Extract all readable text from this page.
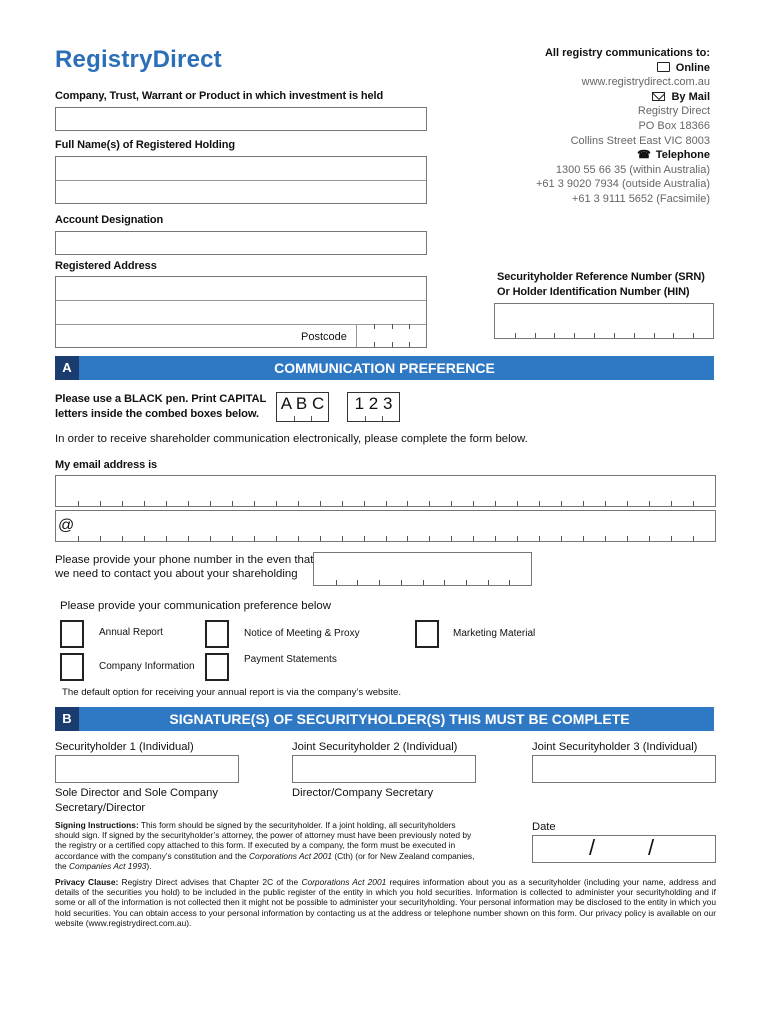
RegistryDirect	All registry communications to:
Online
www.registrydirect.com.au
By Mail
Registry Direct
PO Box 18366
Collins Street East VIC 8003
☎ Telephone
1300 55 66 35 (within Australia)
+61 3 9020 7934 (outside Australia)
+61 3 9111 5652 (Facsimile)
Company, Trust, Warrant or Product in which investment is held
Full Name(s) of Registered Holding
Account Designation
Registered Address
Postcode
Securityholder Reference Number (SRN)
Or Holder Identification Number (HIN)
A	COMMUNICATION PREFERENCE
Please use a BLACK pen. Print CAPITAL
letters inside the combed boxes below.
A B C	1 2 3
In order to receive shareholder communication electronically, please complete the form below.
My email address is
@
Please provide your phone number in the even that
we need to contact you about your shareholding
Please provide your communication preference below
Annual Report	Notice of Meeting & Proxy	Marketing Material
Company Information
Payment Statements
The default option for receiving your annual report is via the company’s website.
B	SIGNATURE(S) OF SECURITYHOLDER(S) THIS MUST BE COMPLETE
Securityholder 1 (Individual)	Joint Securityholder 2 (Individual)	Joint Securityholder 3 (Individual)
Sole Director and Sole Company
Secretary/Director
Director/Company Secretary
Signing Instructions: This form should be signed by the securityholder. If a joint holding, all securityholders should sign. If signed by the securityholder’s attorney, the power of attorney must have been previously noted by the registry or a certified copy attached to this form. If executed by a company, the form must be executed in accordance with the company’s constitution and the Corporations Act 2001 (Cth) (or for New Zealand companies, the Companies Act 1993).
Date
/ /
Privacy Clause: Registry Direct advises that Chapter 2C of the Corporations Act 2001 requires information about you as a securityholder (including your name, address and details of the securities you hold) to be included in the public register of the entity in which you hold securities. Information is collected to administer your securityholding and if some or all of the information is not collected then it might not be possible to administer your securityholding. Your personal information may be disclosed to the entity in which you hold securities. You can obtain access to your personal information by contacting us at the address or telephone number shown on this form. Our privacy policy is available on our website (www.registrydirect.com.au).
